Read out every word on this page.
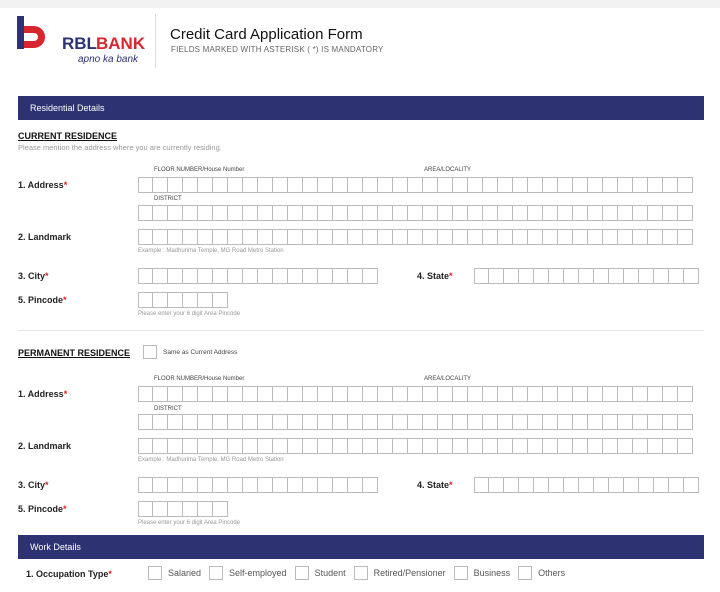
RBL BANK
apno ka bank
Credit Card Application Form
FIELDS MARKED WITH ASTERISK ( *) IS MANDATORY
Residential Details
CURRENT RESIDENCE
Please mention the address where you are currently residing.
FLOOR NUMBER/House Number	AREA/LOCALITY
1. Address*
DISTRICT
2. Landmark
Example : Madhurima Temple, MG Road Metro Station
3. City*	4. State*
5. Pincode*
Please enter your 6 digit Area Pincode
PERMANENT RESIDENCE	Same as Current Address
FLOOR NUMBER/House Number	AREA/LOCALITY
1. Address*
DISTRICT
2. Landmark
Example : Madhurima Temple, MG Road Metro Station
3. City*	4. State*
5. Pincode*
Please enter your 6 digit Area Pincode
Work Details
1. Occupation Type*	Salaried	Self-employed	Student	Retired/Pensioner	Business	Others
